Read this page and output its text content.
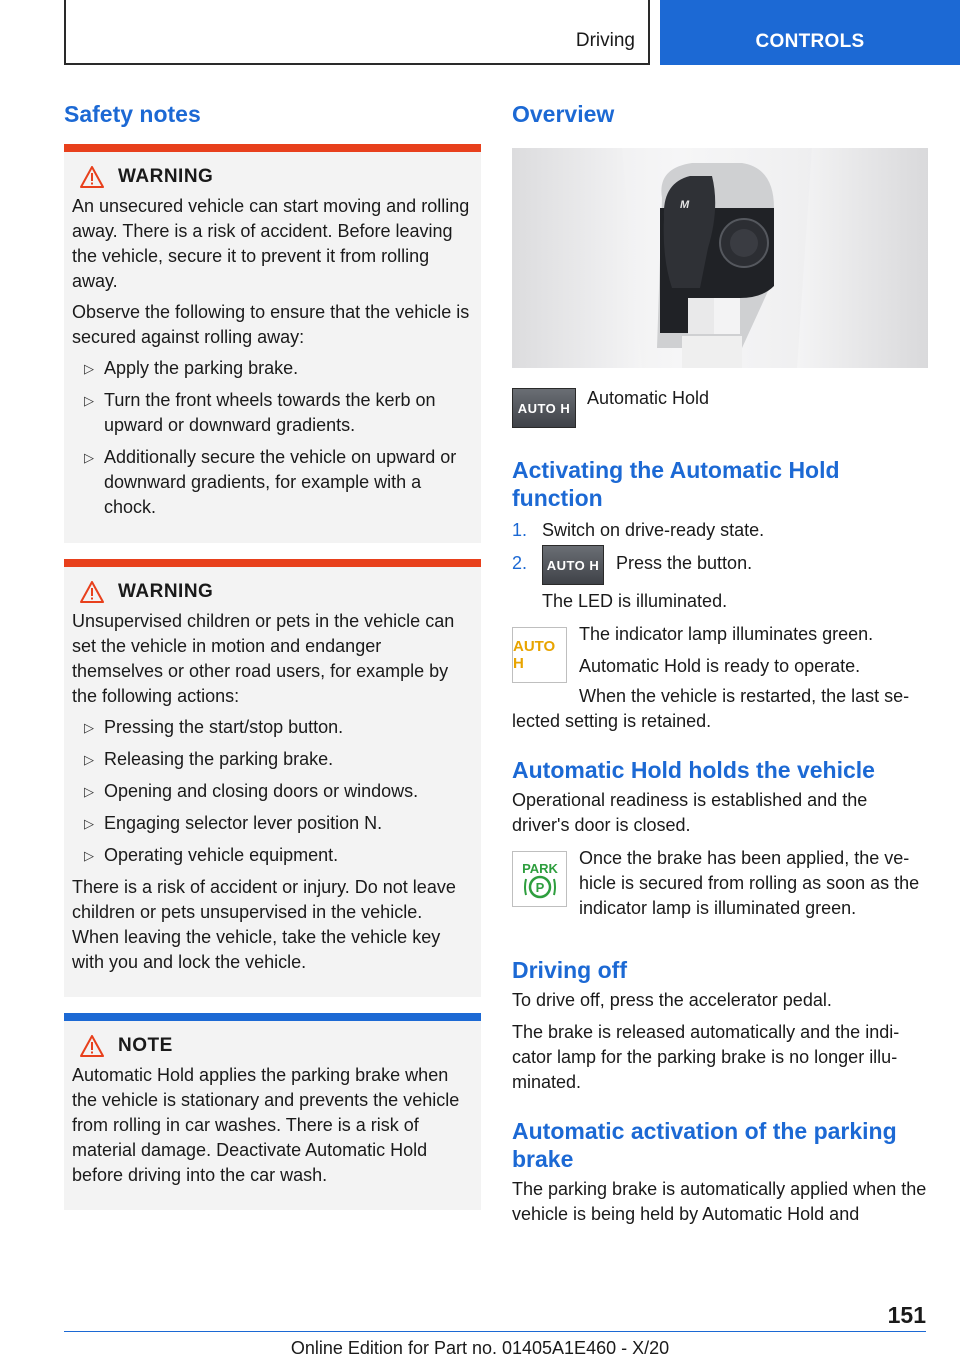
Driving	CONTROLS
Safety notes
WARNING

An unsecured vehicle can start moving and rolling away. There is a risk of accident. Before leaving the vehicle, secure it to prevent it from rolling away.

Observe the following to ensure that the vehicle is secured against rolling away:

▷ Apply the parking brake.
▷ Turn the front wheels towards the kerb on upward or downward gradients.
▷ Additionally secure the vehicle on upward or downward gradients, for example with a chock.
WARNING

Unsupervised children or pets in the vehicle can set the vehicle in motion and endanger themselves or other road users, for example by the following actions:

▷ Pressing the start/stop button.
▷ Releasing the parking brake.
▷ Opening and closing doors or windows.
▷ Engaging selector lever position N.
▷ Operating vehicle equipment.

There is a risk of accident or injury. Do not leave children or pets unsupervised in the vehicle. When leaving the vehicle, take the vehicle key with you and lock the vehicle.

NOTE

Automatic Hold applies the parking brake when the vehicle is stationary and prevents the vehicle from rolling in car washes. There is a risk of material damage. Deactivate Automatic Hold before driving into the car wash.

Overview
M
AUTO H Automatic Hold
Activating the Automatic Hold function
1. Switch on drive-ready state.
2.	AUTO H Press the button.

The LED is illuminated.

AUTO H

The indicator lamp illuminates green.

Automatic Hold is ready to operate.

When the vehicle is restarted, the last selected setting is retained.

Automatic Hold holds the vehicle

Operational readiness is established and the driver's door is closed.

PARK
P

Once the brake has been applied, the vehicle is secured from rolling as soon as the indicator lamp is illuminated green.

Driving off

To drive off, press the accelerator pedal.

The brake is released automatically and the indicator lamp for the parking brake is no longer illuminated.

Automatic activation of the parking brake

The parking brake is automatically applied when the vehicle is being held by Automatic Hold and

151
Online Edition for Part no. 01405A1E460 - X/20
